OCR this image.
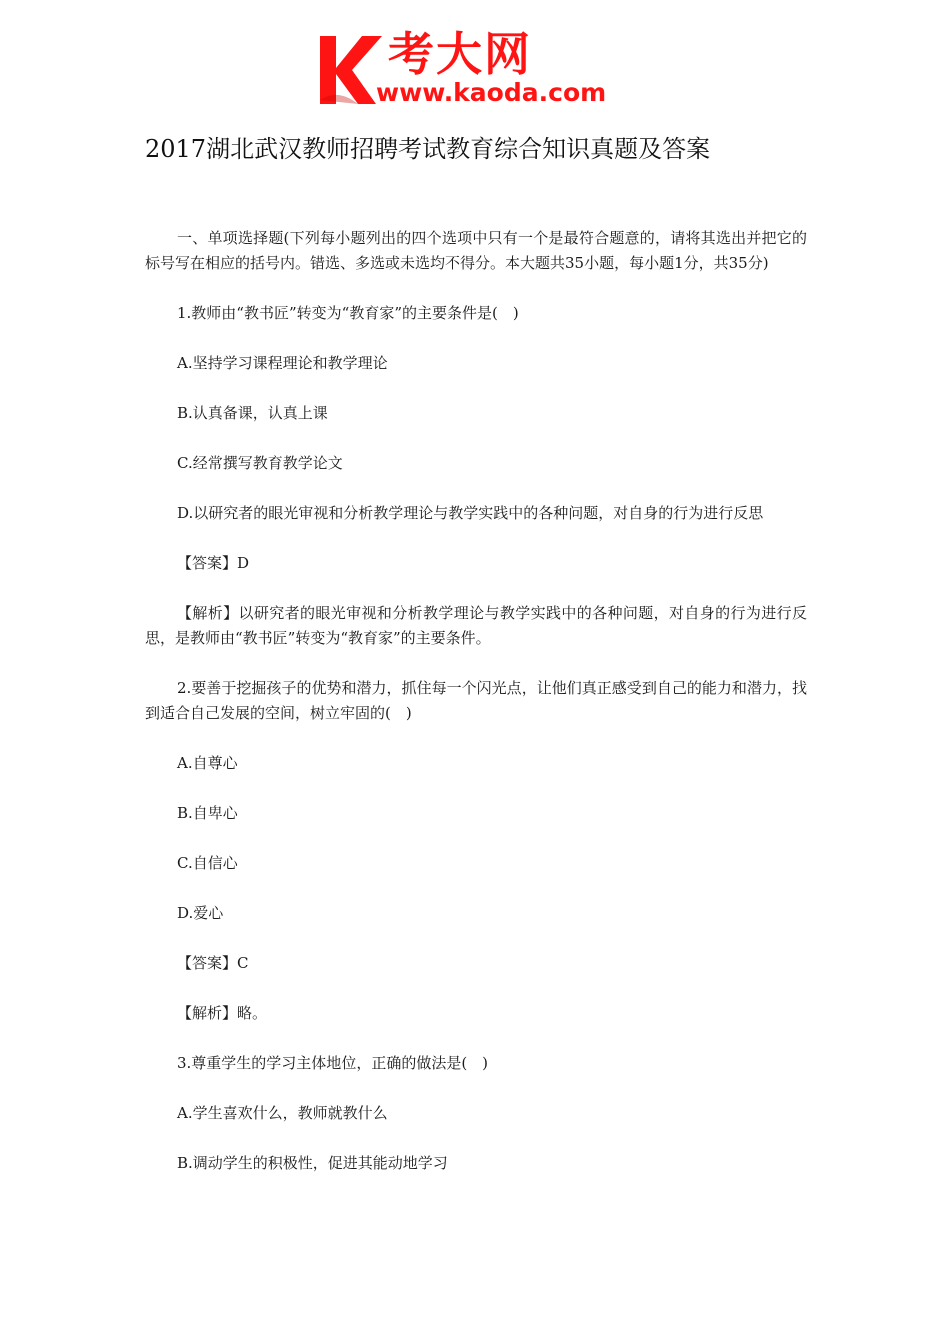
考大网
www.kaoda.com
2017湖北武汉教师招聘考试教育综合知识真题及答案

一、单项选择题(下列每小题列出的四个选项中只有一个是最符合题意的，请将其选出并把它的标号写在相应的括号内。错选、多选或未选均不得分。本大题共35小题，每小题1分，共35分)

1.教师由“教书匠”转变为“教育家”的主要条件是(　)

A.坚持学习课程理论和教学理论

B.认真备课，认真上课

C.经常撰写教育教学论文

D.以研究者的眼光审视和分析教学理论与教学实践中的各种问题，对自身的行为进行反思

【答案】D

【解析】以研究者的眼光审视和分析教学理论与教学实践中的各种问题，对自身的行为进行反思，是教师由“教书匠”转变为“教育家”的主要条件。

2.要善于挖掘孩子的优势和潜力，抓住每一个闪光点，让他们真正感受到自己的能力和潜力，找到适合自己发展的空间，树立牢固的(　)

A.自尊心

B.自卑心

C.自信心

D.爱心

【答案】C

【解析】略。

3.尊重学生的学习主体地位，正确的做法是(　)

A.学生喜欢什么，教师就教什么

B.调动学生的积极性，促进其能动地学习
